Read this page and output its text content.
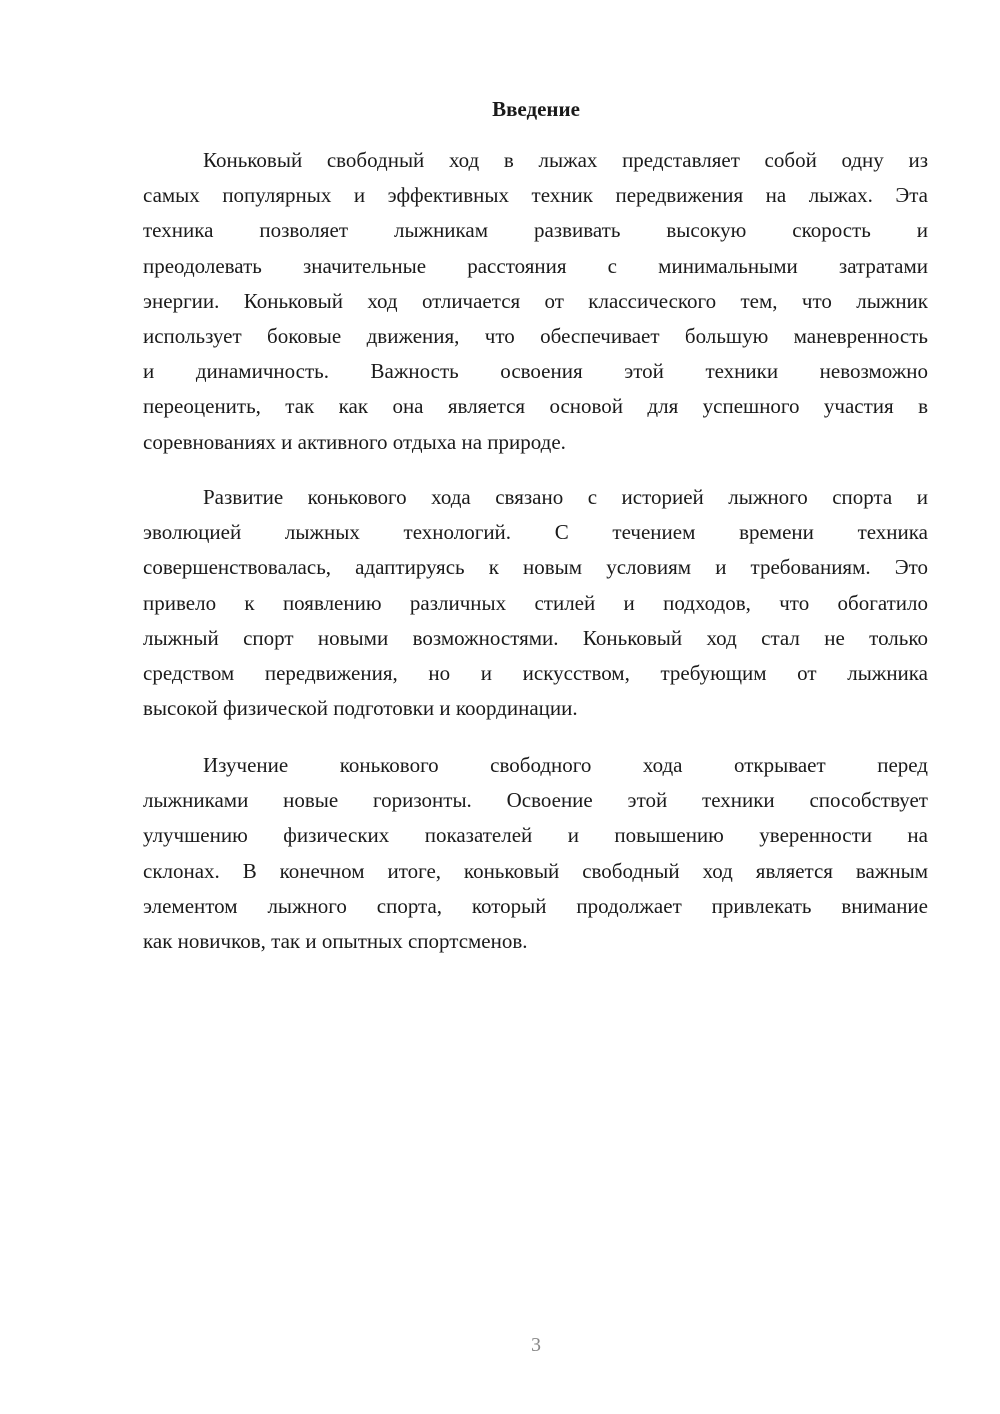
Введение
Коньковый свободный ход в лыжах представляет собой одну из
самых популярных и эффективных техник передвижения на лыжах. Эта
техника позволяет лыжникам развивать высокую скорость и
преодолевать значительные расстояния с минимальными затратами
энергии. Коньковый ход отличается от классического тем, что лыжник
использует боковые движения, что обеспечивает большую маневренность
и динамичность. Важность освоения этой техники невозможно
переоценить, так как она является основой для успешного участия в
соревнованиях и активного отдыха на природе.
Развитие конькового хода связано с историей лыжного спорта и
эволюцией лыжных технологий. С течением времени техника
совершенствовалась, адаптируясь к новым условиям и требованиям. Это
привело к появлению различных стилей и подходов, что обогатило
лыжный спорт новыми возможностями. Коньковый ход стал не только
средством передвижения, но и искусством, требующим от лыжника
высокой физической подготовки и координации.
Изучение конькового свободного хода открывает перед
лыжниками новые горизонты. Освоение этой техники способствует
улучшению физических показателей и повышению уверенности на
склонах. В конечном итоге, коньковый свободный ход является важным
элементом лыжного спорта, который продолжает привлекать внимание
как новичков, так и опытных спортсменов.
3
